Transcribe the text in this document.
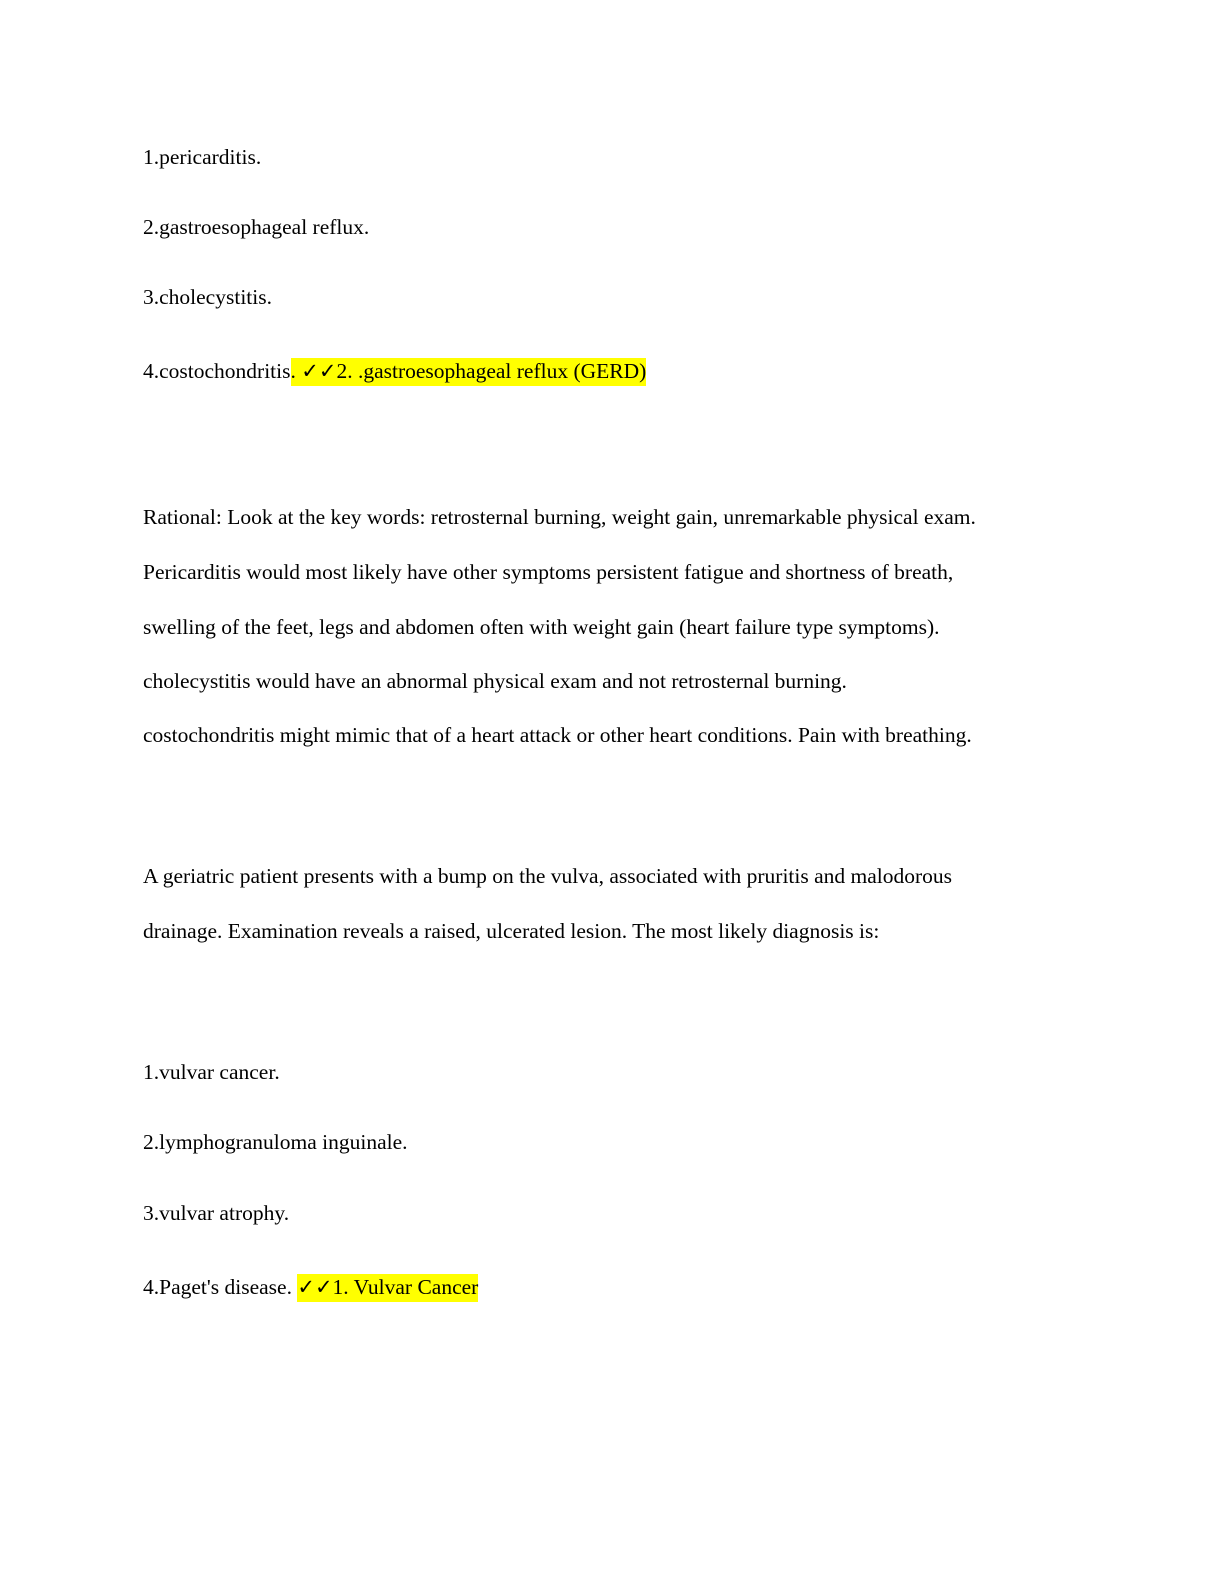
1.pericarditis.
2.gastroesophageal reflux.
3.cholecystitis.
4.costochondritis. ✓✓2. .gastroesophageal reflux (GERD)
Rational: Look at the key words: retrosternal burning, weight gain, unremarkable physical exam.
Pericarditis would most likely have other symptoms persistent fatigue and shortness of breath,
swelling of the feet, legs and abdomen often with weight gain (heart failure type symptoms).
cholecystitis would have an abnormal physical exam and not retrosternal burning.
costochondritis might mimic that of a heart attack or other heart conditions. Pain with breathing.
A geriatric patient presents with a bump on the vulva, associated with pruritis and malodorous
drainage. Examination reveals a raised, ulcerated lesion. The most likely diagnosis is:
1.vulvar cancer.
2.lymphogranuloma inguinale.
3.vulvar atrophy.
4.Paget's disease. ✓✓1. Vulvar Cancer
